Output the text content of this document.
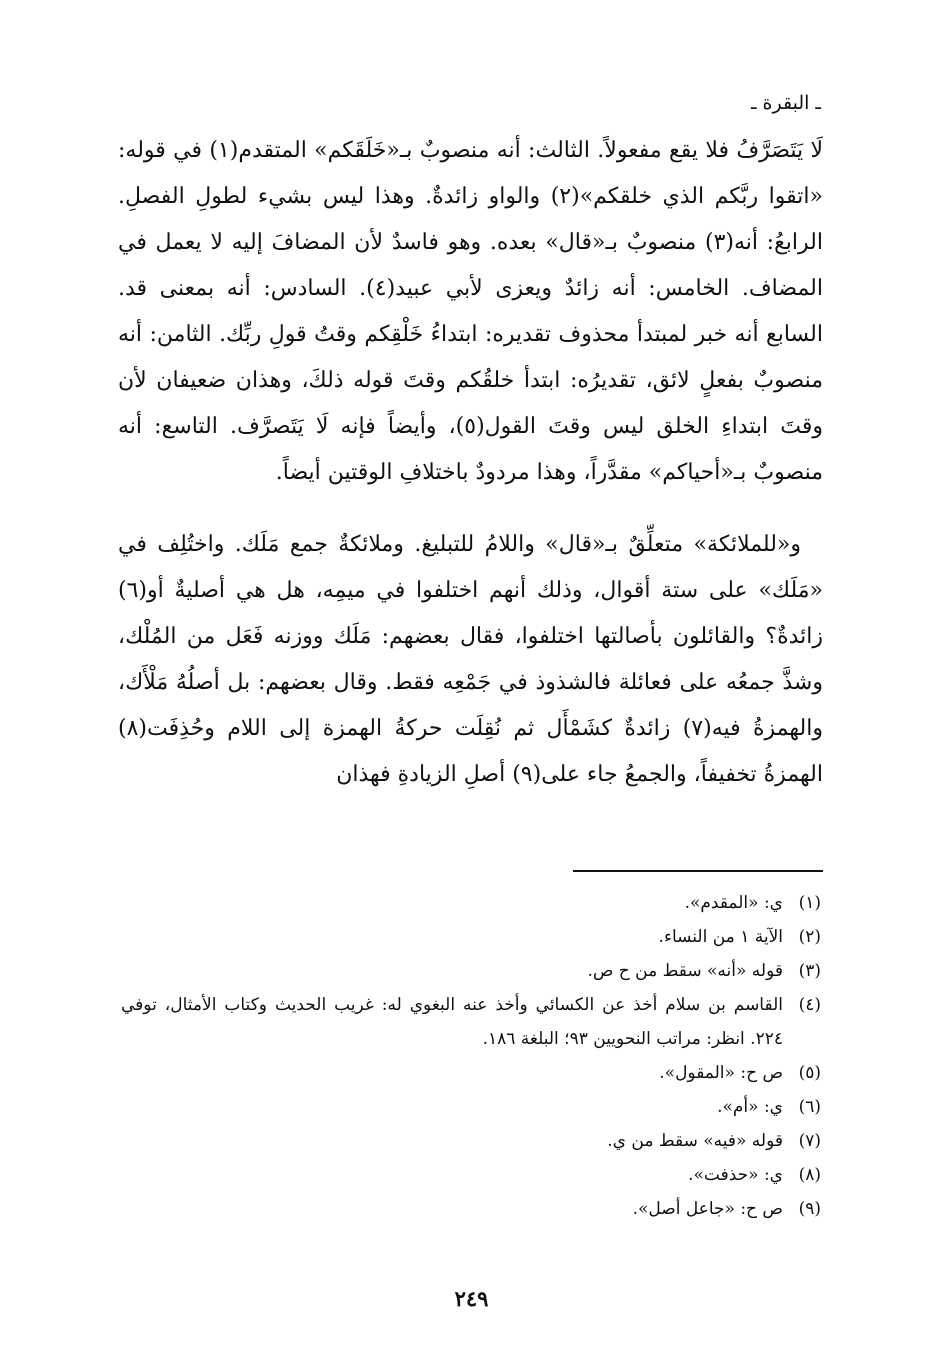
ـ البقرة ـ

لَا يَتَصَرَّفُ فلا يقع مفعولاً. الثالث: أنه منصوبٌ بـ«خَلَقَكم» المتقدم(١) في قوله: «اتقوا ربَّكم الذي خلقكم»(٢) والواو زائدةٌ. وهذا ليس بشيء لطولِ الفصلِ. الرابعُ: أنه(٣) منصوبٌ بـ«قال» بعده. وهو فاسدٌ لأن المضافَ إليه لا يعمل في المضاف. الخامس: أنه زائدٌ ويعزى لأبي عبيد(٤). السادس: أنه بمعنى قد. السابع أنه خبر لمبتدأ محذوف تقديره: ابتداءُ خَلْقِكم وقتُ قولِ ربِّك. الثامن: أنه منصوبٌ بفعلٍ لائق، تقديرُه: ابتدأ خلقُكم وقتَ قوله ذلكَ، وهذان ضعيفان لأن وقتَ ابتداءِ الخلق ليس وقتَ القول(٥)، وأيضاً فإنه لَا يَتَصرَّف. التاسع: أنه منصوبٌ بـ«أحياكم» مقدَّراً، وهذا مردودٌ باختلافِ الوقتين أيضاً.

و«للملائكة» متعلِّقٌ بـ«قال» واللامُ للتبليغ. وملائكةٌ جمع مَلَك. واختُلِف في «مَلَك» على ستة أقوال، وذلك أنهم اختلفوا في ميمِه، هل هي أصليةٌ أو(٦) زائدةٌ؟ والقائلون بأصالتها اختلفوا، فقال بعضهم: مَلَك ووزنه فَعَل من المُلْك، وشذَّ جمعُه على فعائلة فالشذوذ في جَمْعِه فقط. وقال بعضهم: بل أصلُهُ مَلْأَك، والهمزةُ فيه(٧) زائدةٌ كشَمْأَل ثم نُقِلَت حركةُ الهمزة إلى اللام وحُذِفَت(٨) الهمزةُ تخفيفاً، والجمعُ جاء على(٩) أصلِ الزيادةِ فهذان

(١)
ي: «المقدم».
(٢)
الآية ١ من النساء.
(٣)
قوله «أنه» سقط من ح ص.
(٤)
القاسم بن سلام أخذ عن الكسائي وأخذ عنه البغوي له: غريب الحديث وكتاب الأمثال، توفي ٢٢٤. انظر: مراتب النحويين ٩٣؛ البلغة ١٨٦.
(٥)
ص ح: «المقول».
(٦)
ي: «أم».
(٧)
قوله «فيه» سقط من ي.
(٨)
ي: «حذفت».
(٩)
ص ح: «جاعل أصل».
٢٤٩
